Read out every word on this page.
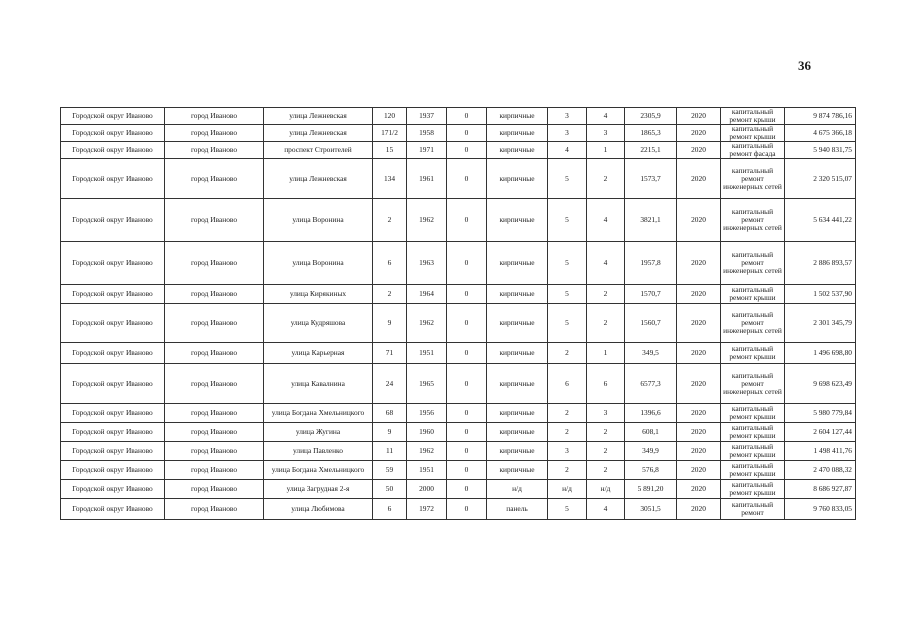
36
Городской округ Иваново	город Иваново	улица Лежневская	120	1937	0	кирпичные	3	4	2305,9	2020	капитальный ремонт крыши	9 874 786,16
Городской округ Иваново	город Иваново	улица Лежневская	171/2	1958	0	кирпичные	3	3	1865,3	2020	капитальный ремонт крыши	4 675 366,18
Городской округ Иваново	город Иваново	проспект Строителей	15	1971	0	кирпичные	4	1	2215,1	2020	капитальный ремонт фасада	5 940 831,75
Городской округ Иваново	город Иваново	улица Лежневская	134	1961	0	кирпичные	5	2	1573,7	2020	капитальный ремонт инженерных сетей	2 320 515,07
Городской округ Иваново	город Иваново	улица Воронина	2	1962	0	кирпичные	5	4	3821,1	2020	капитальный ремонт инженерных сетей	5 634 441,22
Городской округ Иваново	город Иваново	улица Воронина	6	1963	0	кирпичные	5	4	1957,8	2020	капитальный ремонт инженерных сетей	2 886 893,57
Городской округ Иваново	город Иваново	улица Кирякиных	2	1964	0	кирпичные	5	2	1570,7	2020	капитальный ремонт крыши	1 502 537,90
Городской округ Иваново	город Иваново	улица Кудряшова	9	1962	0	кирпичные	5	2	1560,7	2020	капитальный ремонт инженерных сетей	2 301 345,79
Городской округ Иваново	город Иваново	улица Карьерная	71	1951	0	кирпичные	2	1	349,5	2020	капитальный ремонт крыши	1 496 698,80
Городской округ Иваново	город Иваново	улица Кавалнина	24	1965	0	кирпичные	6	6	6577,3	2020	капитальный ремонт инженерных сетей	9 698 623,49
Городской округ Иваново	город Иваново	улица Богдана Хмельницкого	68	1956	0	кирпичные	2	3	1396,6	2020	капитальный ремонт крыши	5 980 779,84
Городской округ Иваново	город Иваново	улица Жугина	9	1960	0	кирпичные	2	2	608,1	2020	капитальный ремонт крыши	2 604 127,44
Городской округ Иваново	город Иваново	улица Павленко	11	1962	0	кирпичные	3	2	349,9	2020	капитальный ремонт крыши	1 498 411,76
Городской округ Иваново	город Иваново	улица Богдана Хмельницкого	59	1951	0	кирпичные	2	2	576,8	2020	капитальный ремонт крыши	2 470 088,32
Городской округ Иваново	город Иваново	улица Загрудная 2-я	50	2000	0	н/д	н/д	н/д	5 891,20	2020	капитальный ремонт крыши	8 686 927,87
Городской округ Иваново	город Иваново	улица Любимова	6	1972	0	панель	5	4	3051,5	2020	капитальный ремонт	9 760 833,05
